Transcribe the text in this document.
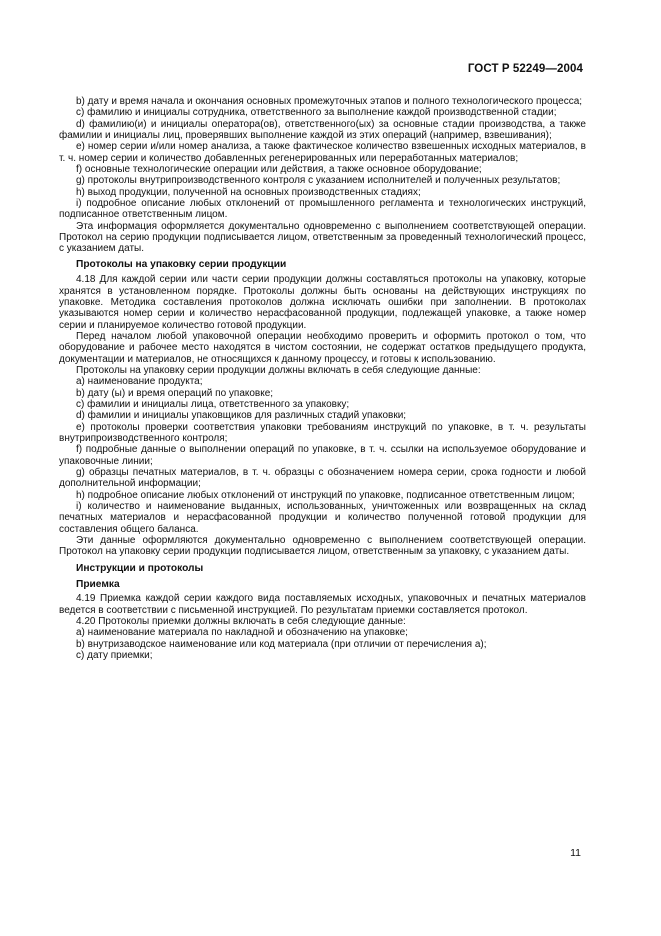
ГОСТ Р 52249—2004

b) дату и время начала и окончания основных промежуточных этапов и полного технологического процесса;

c) фамилию и инициалы сотрудника, ответственного за выполнение каждой производственной стадии;

d) фамилию(и) и инициалы оператора(ов), ответственного(ых) за основные стадии производства, а также фамилии и инициалы лиц, проверявших выполнение каждой из этих операций (например, взвешивания);

e) номер серии и/или номер анализа, а также фактическое количество взвешенных исходных материалов, в т. ч. номер серии и количество добавленных регенерированных или переработанных материалов;

f) основные технологические операции или действия, а также основное оборудование;

g) протоколы внутрипроизводственного контроля с указанием исполнителей и полученных результатов;

h) выход продукции, полученной на основных производственных стадиях;

i) подробное описание любых отклонений от промышленного регламента и технологических инструкций, подписанное ответственным лицом.

Эта информация оформляется документально одновременно с выполнением соответствующей операции. Протокол на серию продукции подписывается лицом, ответственным за проведенный технологический процесс, с указанием даты.

Протоколы на упаковку серии продукции

4.18 Для каждой серии или части серии продукции должны составляться протоколы на упаковку, которые хранятся в установленном порядке. Протоколы должны быть основаны на действующих инструкциях по упаковке. Методика составления протоколов должна исключать ошибки при заполнении. В протоколах указываются номер серии и количество нерасфасованной продукции, подлежащей упаковке, а также номер серии и планируемое количество готовой продукции.

Перед началом любой упаковочной операции необходимо проверить и оформить протокол о том, что оборудование и рабочее место находятся в чистом состоянии, не содержат остатков предыдущего продукта, документации и материалов, не относящихся к данному процессу, и готовы к использованию.

Протоколы на упаковку серии продукции должны включать в себя следующие данные:

a) наименование продукта;

b) дату (ы) и время операций по упаковке;

c) фамилии и инициалы лица, ответственного за упаковку;

d) фамилии и инициалы упаковщиков для различных стадий упаковки;

e) протоколы проверки соответствия упаковки требованиям инструкций по упаковке, в т. ч. результаты внутрипроизводственного контроля;

f) подробные данные о выполнении операций по упаковке, в т. ч. ссылки на используемое оборудование и упаковочные линии;

g) образцы печатных материалов, в т. ч. образцы с обозначением номера серии, срока годности и любой дополнительной информации;

h) подробное описание любых отклонений от инструкций по упаковке, подписанное ответственным лицом;

i) количество и наименование выданных, использованных, уничтоженных или возвращенных на склад печатных материалов и нерасфасованной продукции и количество полученной готовой продукции для составления общего баланса.

Эти данные оформляются документально одновременно с выполнением соответствующей операции. Протокол на упаковку серии продукции подписывается лицом, ответственным за упаковку, с указанием даты.

Инструкции и протоколы

Приемка

4.19 Приемка каждой серии каждого вида поставляемых исходных, упаковочных и печатных материалов ведется в соответствии с письменной инструкцией. По результатам приемки составляется протокол.

4.20 Протоколы приемки должны включать в себя следующие данные:

a) наименование материала по накладной и обозначению на упаковке;

b) внутризаводское наименование или код материала (при отличии от перечисления а);

c) дату приемки;

11
